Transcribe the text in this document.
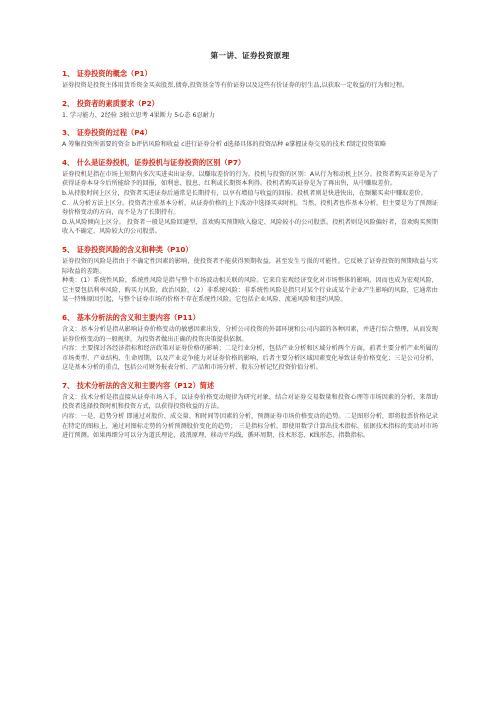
第一讲、证券投资原理
1、 证券投资的概念（P1）

证券投资是投资主体用货币资金买卖股票,债券,投资基金等有价证券以及这些有价证券的衍生品,以获取一定收益的行为和过程。

2、 投资者的素质要求（P2）

1. 学习能力、2经验 3独立思考 4果断力 5心态 6忍耐力

3、 证券投资的过程（P4）

A 筹集投资所需要的资金 b评估风险和收益 c进行证券分析 d选择具体的投资品种 e掌握证券交易的技术 f制定投资策略

4、 什么是证券投机，证券投机与证券投资的区别（P7）

证券投机是指在市场上短期内多次买进卖出证券，以赚取差价的行为。投机与投资的区别：A从行为和动机上区分。投资者购买证券是为了获得证券本身今后所能给予的回报，如利息、股息、红利或长期资本利得。投机者购买证券是为了再出售，从中赚取差价。

b.从持股时间上区分，投资者买进证券后通常是长期持有，以享有增值与收益的回报。投机者则是快进快出，在频繁买卖中赚取差价。

C．从分析方法上区分。投资者注重基本分析，从证券价格的上下波动中选择买卖时机。当然，投机者也作基本分析，但主要是为了预测证券价格变动的方向，而不是为了长期持有。

D.从风险倾向上区分。 投资者一般是风险回避型，喜欢购买预期收入稳定、风险较小的公司股票。投机者则是风险偏好者，喜欢购买预期收入不确定、风险较大的公司股票。

5、 证券投资风险的含义和种类（P10）

证券投资的风险是指由于不确定性因素的影响，使投资者不能获得预期收益，甚至发生亏损的可能性。它反映了证券投资的预期收益与实际收益的差距。

种类：(1）系统性风险，系统性风险是指与整个市场波动相关联的风险。它来自宏观经济变化对市场整体的影响，因而也成为宏观风险，它主要包括利率风险，购买力风险，政治风险，（2）非系统风险：非系统性风险是指只对某个行业或某个企业产生影响的风险，它通常由某一特殊原因引起，与整个证券市场的价格不存在系统性风险。它包括企业风险、流通风险和违约风险。

6、 基本分析法的含义和主要内容（P11）

含义：基本分析是指从影响证券价格变动的敏感因素出发，分析公司投资的外部环境和公司内部的各种因素，并进行综合整理，从而发现证券价格变动的一般规律，为投资者做出正确的投资决策提供依据。

内容：主要探讨各经济指标和经济政策对证券价格的影响；二是行业分析，包括产业分析和区域分析两个方面，前者主要分析产业所属的市场类型、产业结构、生命周期，以及产业竞争能力对证券价格的影响，后者主要分析区域因素变化导致证券价格变化；三是公司分析，这是基本分析的重点，包括公司财务报表分析、产品和市场分析、股东分析记忆投资价值分析。

7、 技术分析法的含义和主要内容（P12）简述

含义：技术分析是指直接从证券市场入手，以证券价格变动规律为研究对象，结合对证券交易数量和投资心理等市场因素的分析，来帮助投资者选择投资时机和投资方式，以获得投资收益的方法。

内容：一是，趋势分析 即通过对股价、成交量、和时间等因素的分析，预测证券市场价格变动的趋势。二是图形分析，即将股票价格记录在特定的图标上，通过对图标走势的分析预测股价变化的趋势； 三是指标分析，即使用数学计算出技术指标，依据技术指标的变动对市场进行预测。如果再细分可以分为道氏理论、波浪原理、移动平均线、循环周期、技术形态、K线形态，指数指标。
